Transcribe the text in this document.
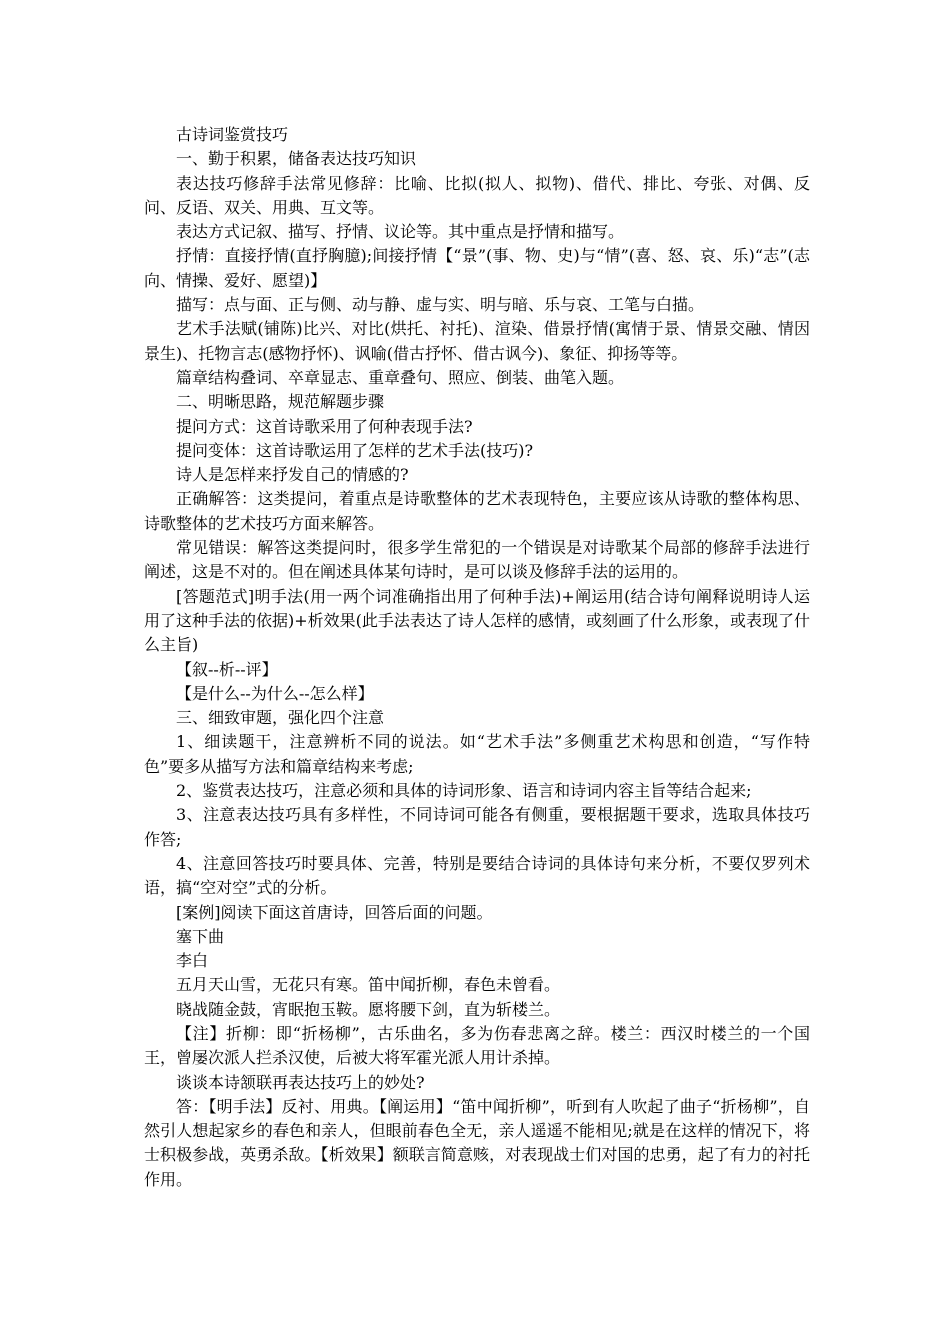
古诗词鉴赏技巧

一、勤于积累，储备表达技巧知识

表达技巧修辞手法常见修辞：比喻、比拟(拟人、拟物)、借代、排比、夸张、对偶、反问、反语、双关、用典、互文等。

表达方式记叙、描写、抒情、议论等。其中重点是抒情和描写。

抒情：直接抒情(直抒胸臆);间接抒情【“景”(事、物、史)与“情”(喜、怒、哀、乐)“志”(志向、情操、爱好、愿望)】

描写：点与面、正与侧、动与静、虚与实、明与暗、乐与哀、工笔与白描。

艺术手法赋(铺陈)比兴、对比(烘托、衬托)、渲染、借景抒情(寓情于景、情景交融、情因景生)、托物言志(感物抒怀)、讽喻(借古抒怀、借古讽今)、象征、抑扬等等。

篇章结构叠词、卒章显志、重章叠句、照应、倒装、曲笔入题。

二、明晰思路，规范解题步骤

提问方式：这首诗歌采用了何种表现手法?

提问变体：这首诗歌运用了怎样的艺术手法(技巧)?

诗人是怎样来抒发自己的情感的?

正确解答：这类提问，着重点是诗歌整体的艺术表现特色，主要应该从诗歌的整体构思、诗歌整体的艺术技巧方面来解答。

常见错误：解答这类提问时，很多学生常犯的一个错误是对诗歌某个局部的修辞手法进行阐述，这是不对的。但在阐述具体某句诗时，是可以谈及修辞手法的运用的。

[答题范式]明手法(用一两个词准确指出用了何种手法)+阐运用(结合诗句阐释说明诗人运用了这种手法的依据)+析效果(此手法表达了诗人怎样的感情，或刻画了什么形象，或表现了什么主旨)

【叙--析--评】

【是什么--为什么--怎么样】

三、细致审题，强化四个注意

1、细读题干，注意辨析不同的说法。如“艺术手法”多侧重艺术构思和创造，“写作特色”要多从描写方法和篇章结构来考虑;

2、鉴赏表达技巧，注意必须和具体的诗词形象、语言和诗词内容主旨等结合起来;

3、注意表达技巧具有多样性，不同诗词可能各有侧重，要根据题干要求，选取具体技巧作答;

4、注意回答技巧时要具体、完善，特别是要结合诗词的具体诗句来分析，不要仅罗列术语，搞“空对空”式的分析。

[案例]阅读下面这首唐诗，回答后面的问题。

塞下曲

李白

五月天山雪，无花只有寒。笛中闻折柳，春色未曾看。

晓战随金鼓，宵眠抱玉鞍。愿将腰下剑，直为斩楼兰。

【注】折柳：即“折杨柳”，古乐曲名，多为伤春悲离之辞。楼兰：西汉时楼兰的一个国王，曾屡次派人拦杀汉使，后被大将军霍光派人用计杀掉。

谈谈本诗颔联再表达技巧上的妙处?

答：【明手法】反衬、用典。【阐运用】“笛中闻折柳”，听到有人吹起了曲子“折杨柳”，自然引人想起家乡的春色和亲人，但眼前春色全无，亲人遥遥不能相见;就是在这样的情况下，将士积极参战，英勇杀敌。【析效果】额联言简意赅，对表现战士们对国的忠勇，起了有力的衬托作用。
